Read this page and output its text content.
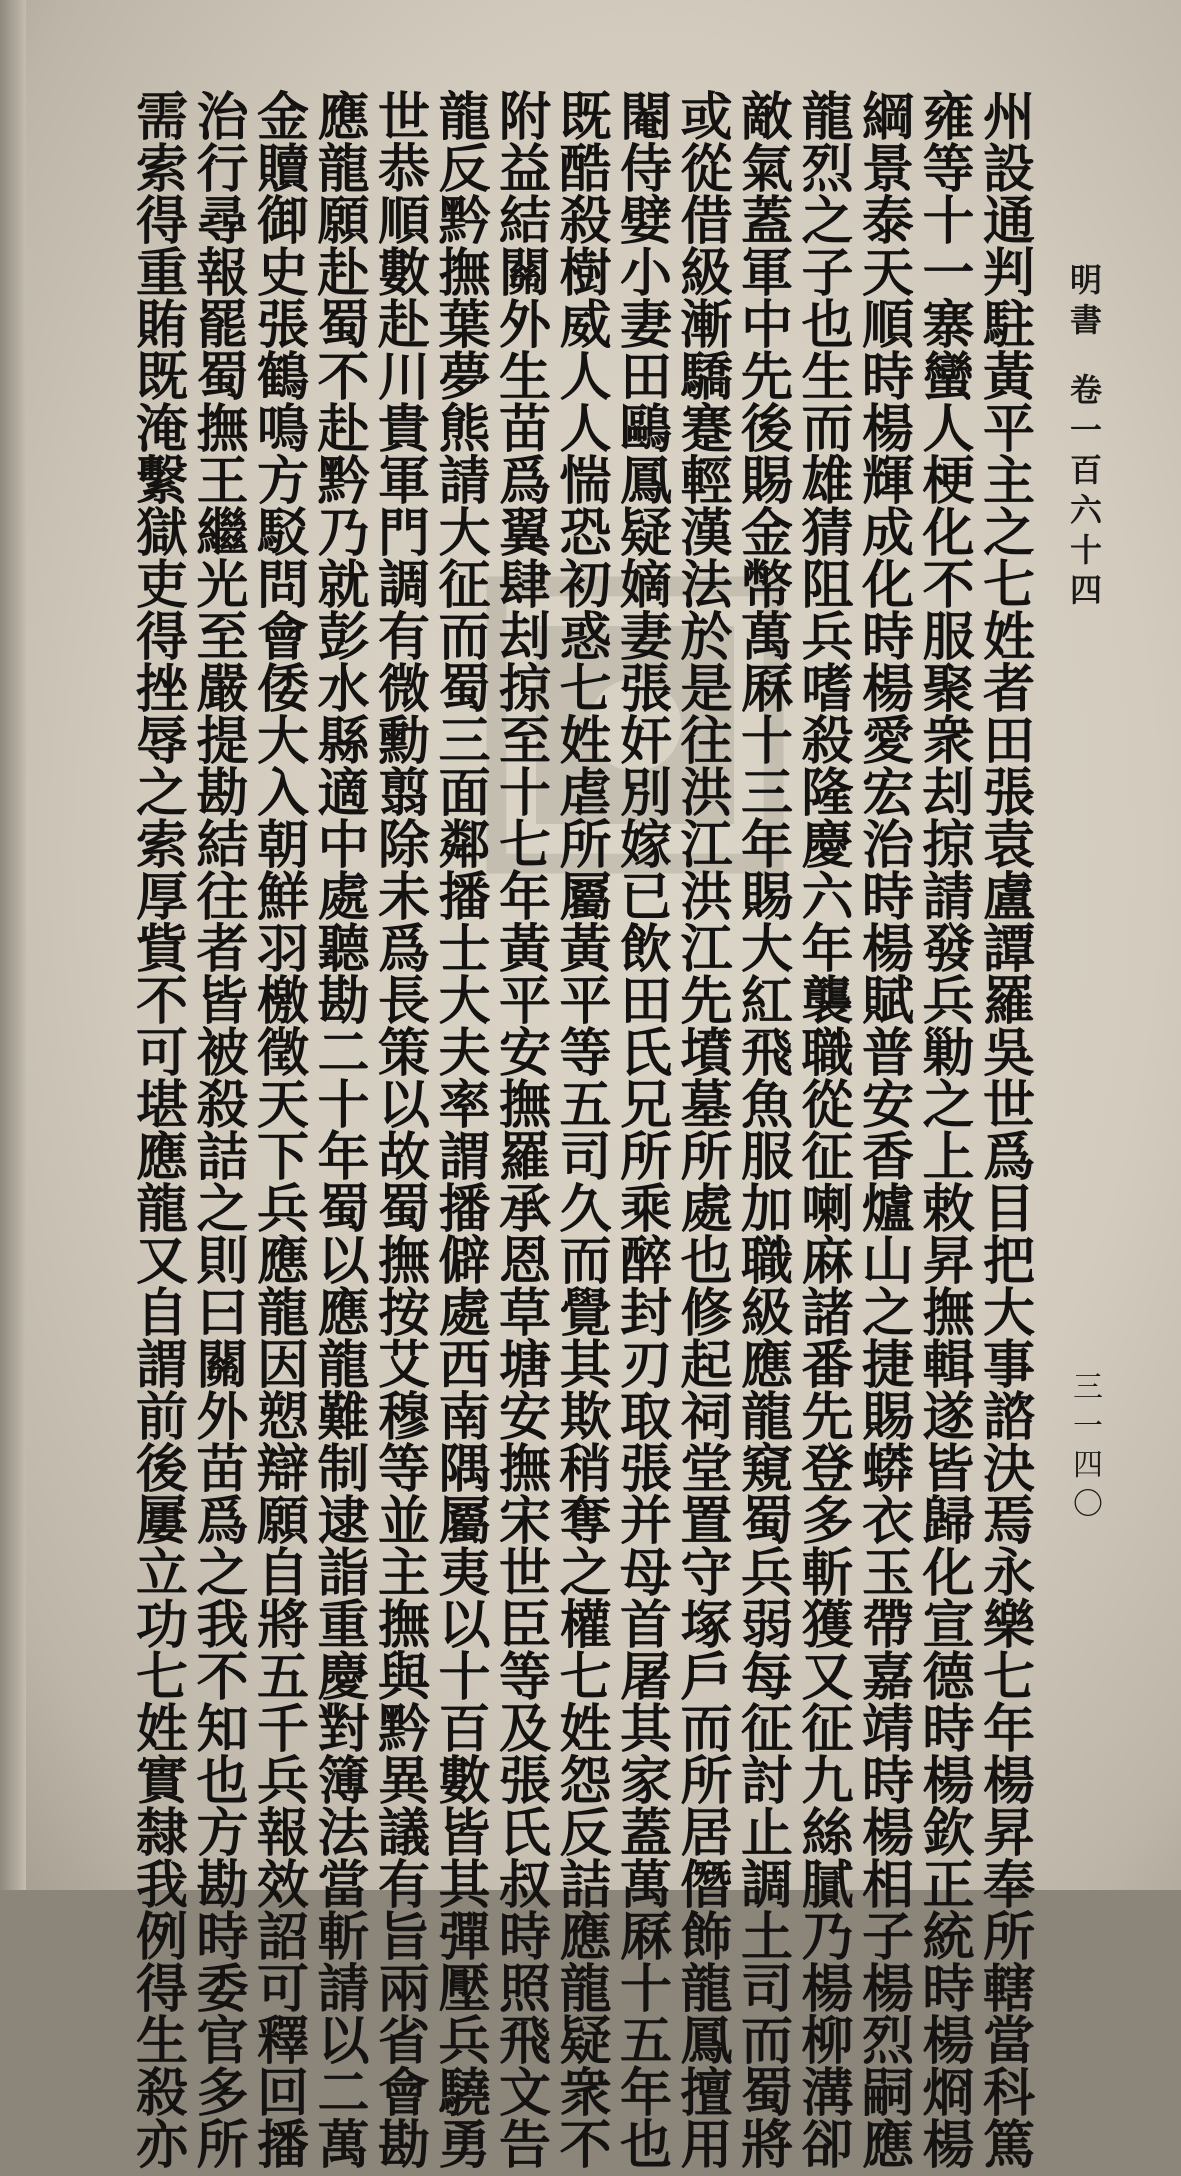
明
書
卷
一
百
六
十
四
三
一
四
〇
州
設
通
判
駐
黃
平
主
之
七
姓
者
田
張
袁
盧
譚
羅
吳
世
爲
目
把
大
事
諮
決
焉
永
樂
七
年
楊
昇
奉
所
轄
當
科
篤
雍
等
十
一
寨
蠻
人
梗
化
不
服
聚
衆
刦
掠
請
發
兵
勦
之
上
敕
昇
撫
輯
遂
皆
歸
化
宣
德
時
楊
欽
正
統
時
楊
烱
楊
綱
景
泰
天
順
時
楊
輝
成
化
時
楊
愛
宏
治
時
楊
賦
普
安
香
爐
山
之
捷
賜
蟒
衣
玉
帶
嘉
靖
時
楊
相
子
楊
烈
嗣
應
龍
烈
之
子
也
生
而
雄
猜
阻
兵
嗜
殺
隆
慶
六
年
襲
職
從
征
喇
麻
諸
番
先
登
多
斬
獲
又
征
九
絲
膩
乃
楊
柳
溝
卻
敵
氣
蓋
軍
中
先
後
賜
金
幣
萬
厤
十
三
年
賜
大
紅
飛
魚
服
加
職
級
應
龍
窺
蜀
兵
弱
每
征
討
止
調
土
司
而
蜀
將
或
從
借
級
漸
驕
蹇
輕
漢
法
於
是
往
洪
江
洪
江
先
墳
墓
所
處
也
修
起
祠
堂
置
守
塚
戶
而
所
居
僭
飾
龍
鳳
擅
用
閹
侍
嬖
小
妻
田
鷗
鳳
疑
嫡
妻
張
奸
別
嫁
已
飲
田
氏
兄
所
乘
醉
封
刃
取
張
并
母
首
屠
其
家
蓋
萬
厤
十
五
年
也
既
酷
殺
樹
威
人
人
惴
恐
初
惑
七
姓
虐
所
屬
黃
平
等
五
司
久
而
覺
其
欺
稍
奪
之
權
七
姓
怨
反
詰
應
龍
疑
衆
不
附
益
結
關
外
生
苗
爲
翼
肆
刦
掠
至
十
七
年
黃
平
安
撫
羅
承
恩
草
塘
安
撫
宋
世
臣
等
及
張
氏
叔
時
照
飛
文
告
龍
反
黔
撫
葉
夢
熊
請
大
征
而
蜀
三
面
鄰
播
士
大
夫
率
謂
播
僻
處
西
南
隅
屬
夷
以
十
百
數
皆
其
彈
壓
兵
驍
勇
世
恭
順
數
赴
川
貴
軍
門
調
有
微
勳
翦
除
未
爲
長
策
以
故
蜀
撫
按
艾
穆
等
並
主
撫
與
黔
異
議
有
旨
兩
省
會
勘
應
龍
願
赴
蜀
不
赴
黔
乃
就
彭
水
縣
適
中
處
聽
勘
二
十
年
蜀
以
應
龍
難
制
逮
詣
重
慶
對
簿
法
當
斬
請
以
二
萬
金
贖
御
史
張
鶴
鳴
方
駁
問
會
倭
大
入
朝
鮮
羽
檄
徵
天
下
兵
應
龍
因
愬
辯
願
自
將
五
千
兵
報
效
詔
可
釋
回
播
治
行
尋
報
罷
蜀
撫
王
繼
光
至
嚴
提
勘
結
往
者
皆
被
殺
詰
之
則
曰
關
外
苗
爲
之
我
不
知
也
方
勘
時
委
官
多
所
需
索
得
重
賄
既
淹
繫
獄
吏
得
挫
辱
之
索
厚
貲
不
可
堪
應
龍
又
自
謂
前
後
屢
立
功
七
姓
實
隸
我
例
得
生
殺
亦
